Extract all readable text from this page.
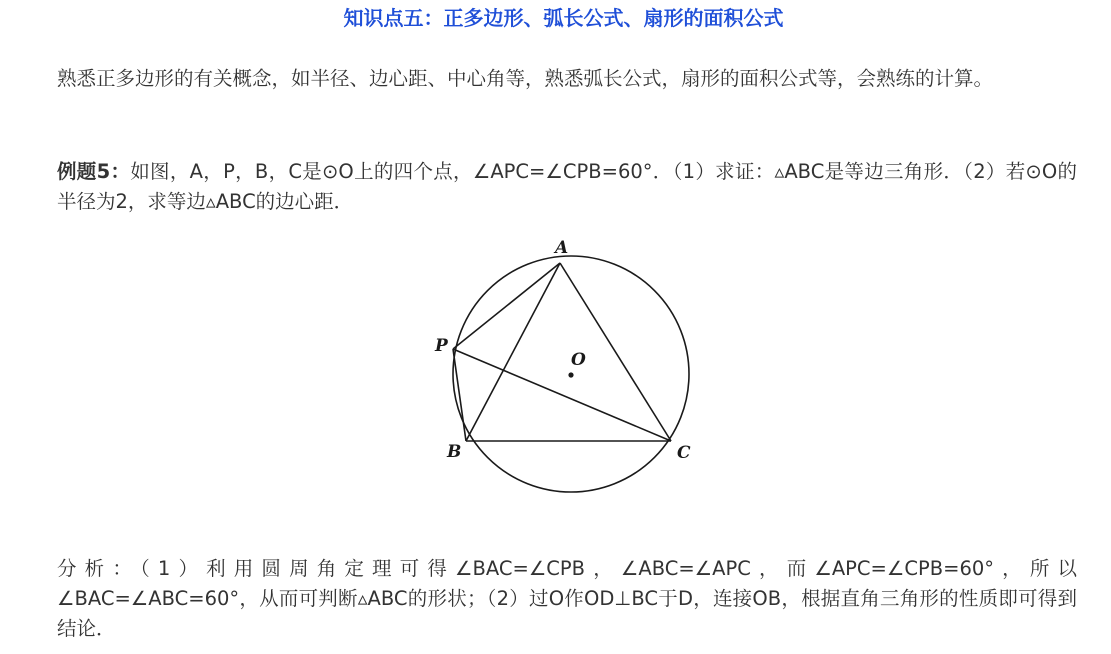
知识点五：正多边形、弧长公式、扇形的面积公式

熟悉正多边形的有关概念，如半径、边心距、中心角等，熟悉弧长公式，扇形的面积公式等，会熟练的计算。

例题5：如图，A，P，B，C是⊙O上的四个点，∠APC=∠CPB=60°．（1）求证：▵ABC是等边三角形．（2）若⊙O的半径为2，求等边▵ABC的边心距．

A
P
O
B	C

分析：（1）利用圆周角定理可得∠BAC=∠CPB，∠ABC=∠APC，而∠APC=∠CPB=60°，所以∠BAC=∠ABC=60°，从而可判断▵ABC的形状；（2）过O作OD⊥BC于D，连接OB，根据直角三角形的性质即可得到结论．
